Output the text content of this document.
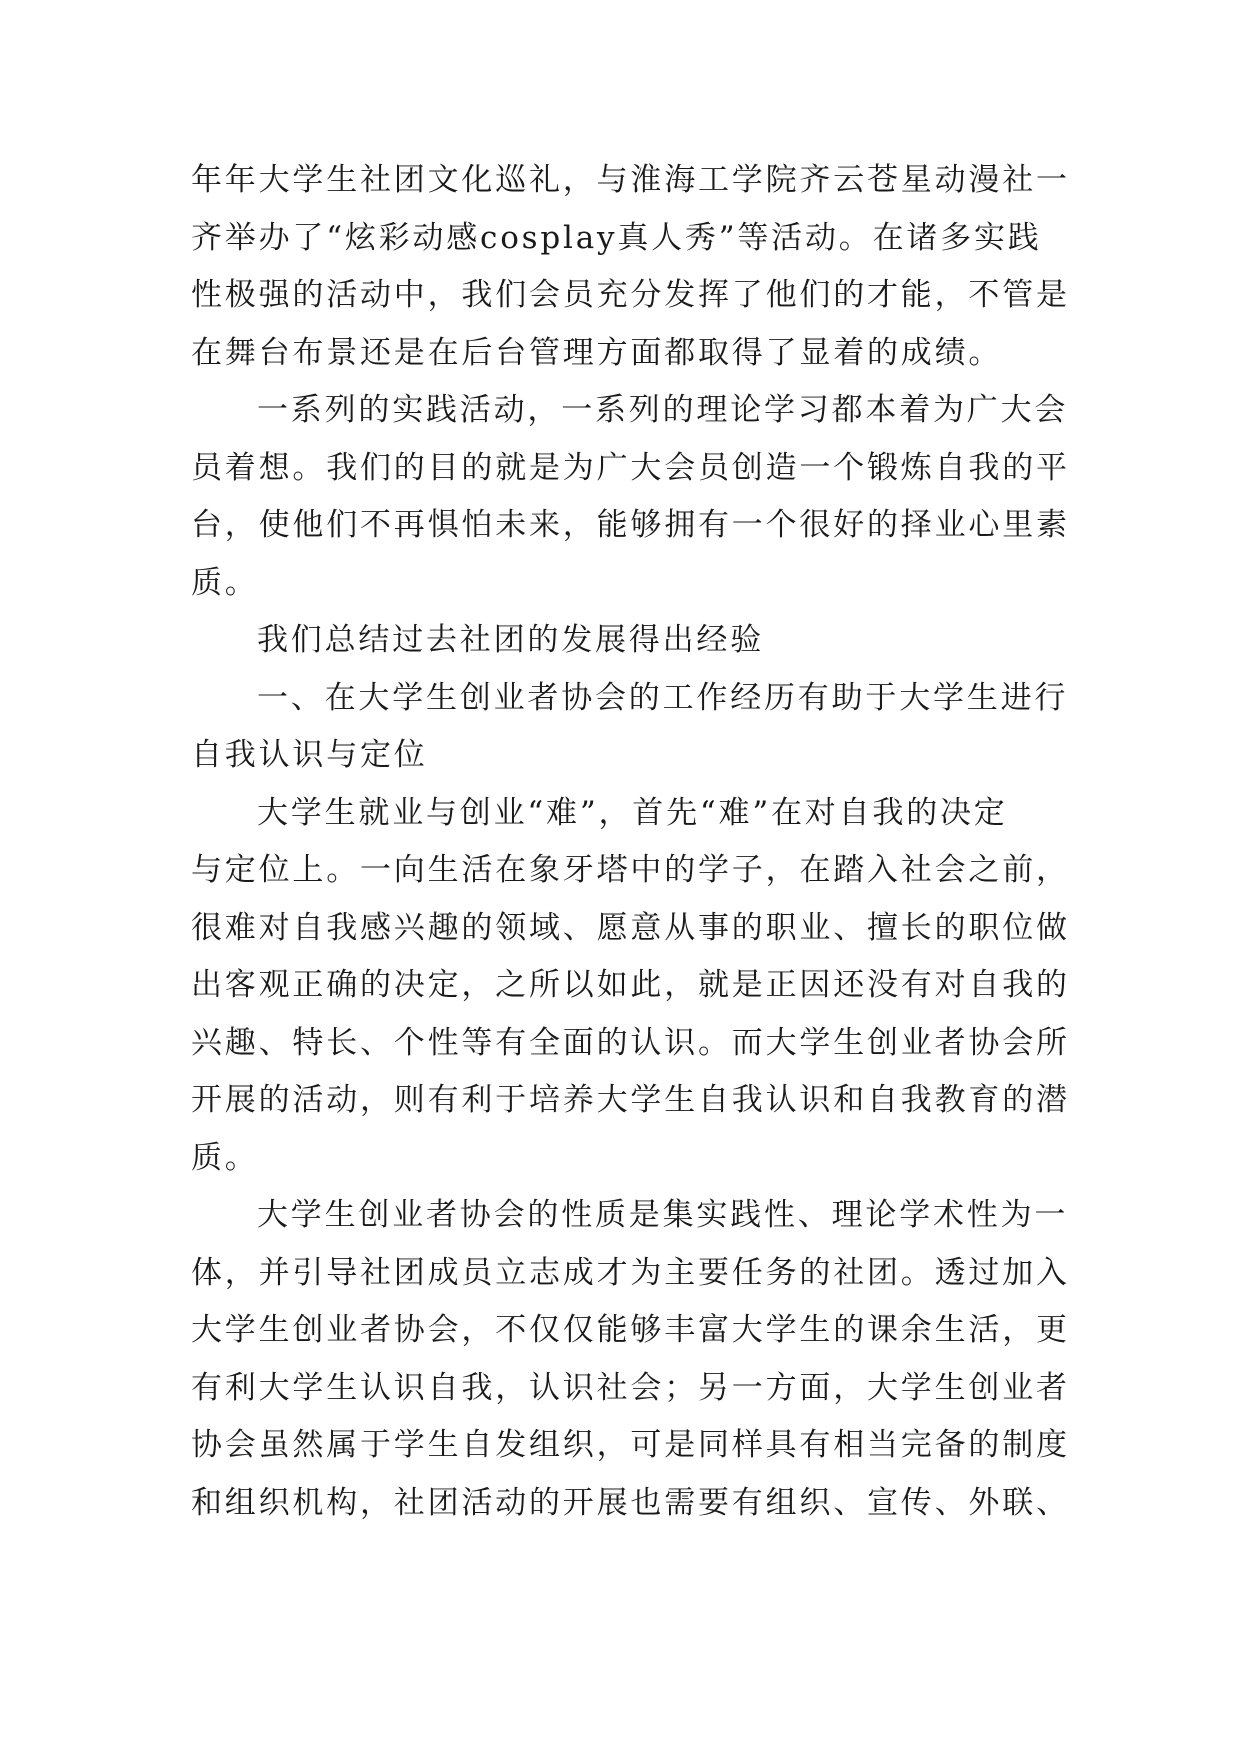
年年大学生社团文化巡礼，与淮海工学院齐云苍星动漫社一
齐举办了“炫彩动感cosplay真人秀”等活动。在诸多实践
性极强的活动中，我们会员充分发挥了他们的才能，不管是
在舞台布景还是在后台管理方面都取得了显着的成绩。
一系列的实践活动，一系列的理论学习都本着为广大会
员着想。我们的目的就是为广大会员创造一个锻炼自我的平
台，使他们不再惧怕未来，能够拥有一个很好的择业心里素
质。
我们总结过去社团的发展得出经验
一、在大学生创业者协会的工作经历有助于大学生进行
自我认识与定位
大学生就业与创业“难”，首先“难”在对自我的决定
与定位上。一向生活在象牙塔中的学子，在踏入社会之前，
很难对自我感兴趣的领域、愿意从事的职业、擅长的职位做
出客观正确的决定，之所以如此，就是正因还没有对自我的
兴趣、特长、个性等有全面的认识。而大学生创业者协会所
开展的活动，则有利于培养大学生自我认识和自我教育的潜
质。
大学生创业者协会的性质是集实践性、理论学术性为一
体，并引导社团成员立志成才为主要任务的社团。透过加入
大学生创业者协会，不仅仅能够丰富大学生的课余生活，更
有利大学生认识自我，认识社会；另一方面，大学生创业者
协会虽然属于学生自发组织，可是同样具有相当完备的制度
和组织机构，社团活动的开展也需要有组织、宣传、外联、
